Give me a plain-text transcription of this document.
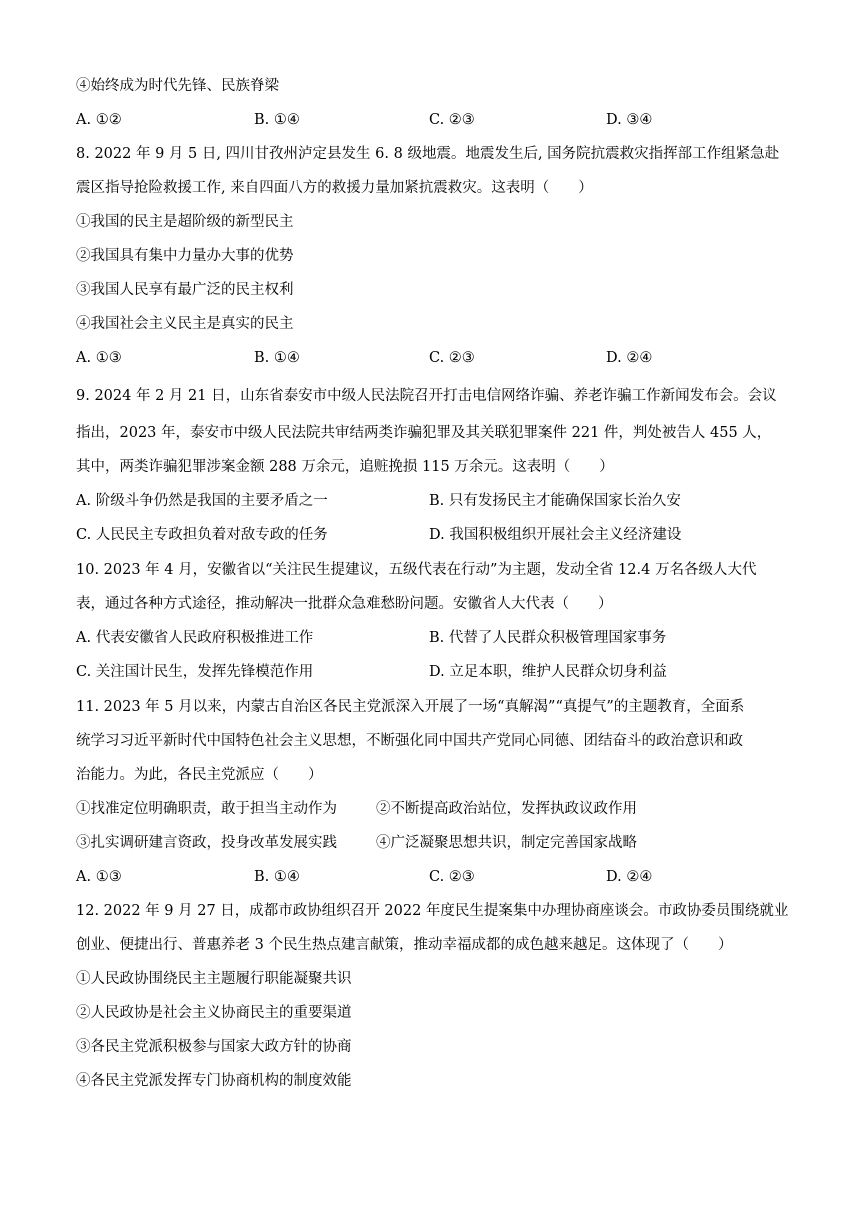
④始终成为时代先锋、民族脊梁
A. ①②	B. ①④	C. ②③	D. ③④
8. 2022 年 9 月 5 日, 四川甘孜州泸定县发生 6. 8 级地震。地震发生后, 国务院抗震救灾指挥部工作组紧急赴
震区指导抢险救援工作, 来自四面八方的救援力量加紧抗震救灾。这表明（　　）
①我国的民主是超阶级的新型民主
②我国具有集中力量办大事的优势
③我国人民享有最广泛的民主权利
④我国社会主义民主是真实的民主
A. ①③	B. ①④	C. ②③	D. ②④
9. 2024 年 2 月 21 日，山东省泰安市中级人民法院召开打击电信网络诈骗、养老诈骗工作新闻发布会。会议
指出，2023 年，泰安市中级人民法院共审结两类诈骗犯罪及其关联犯罪案件 221 件，判处被告人 455 人，
其中，两类诈骗犯罪涉案金额 288 万余元，追赃挽损 115 万余元。这表明（　　）
A. 阶级斗争仍然是我国的主要矛盾之一	B. 只有发扬民主才能确保国家长治久安
C. 人民民主专政担负着对敌专政的任务	D. 我国积极组织开展社会主义经济建设
10. 2023 年 4 月，安徽省以“关注民生提建议，五级代表在行动”为主题，发动全省 12.4 万名各级人大代
表，通过各种方式途径，推动解决一批群众急难愁盼问题。安徽省人大代表（　　）
A. 代表安徽省人民政府积极推进工作	B. 代替了人民群众积极管理国家事务
C. 关注国计民生，发挥先锋模范作用	D. 立足本职，维护人民群众切身利益
11. 2023 年 5 月以来，内蒙古自治区各民主党派深入开展了一场“真解渴”“真提气”的主题教育，全面系
统学习习近平新时代中国特色社会主义思想，不断强化同中国共产党同心同德、团结奋斗的政治意识和政
治能力。为此，各民主党派应（　　）
①找准定位明确职责，敢于担当主动作为	②不断提高政治站位，发挥执政议政作用
③扎实调研建言资政，投身改革发展实践	④广泛凝聚思想共识，制定完善国家战略
A. ①③	B. ①④	C. ②③	D. ②④
12. 2022 年 9 月 27 日，成都市政协组织召开 2022 年度民生提案集中办理协商座谈会。市政协委员围绕就业
创业、便捷出行、普惠养老 3 个民生热点建言献策，推动幸福成都的成色越来越足。这体现了（　　）
①人民政协围绕民主主题履行职能凝聚共识
②人民政协是社会主义协商民主的重要渠道
③各民主党派积极参与国家大政方针的协商
④各民主党派发挥专门协商机构的制度效能
